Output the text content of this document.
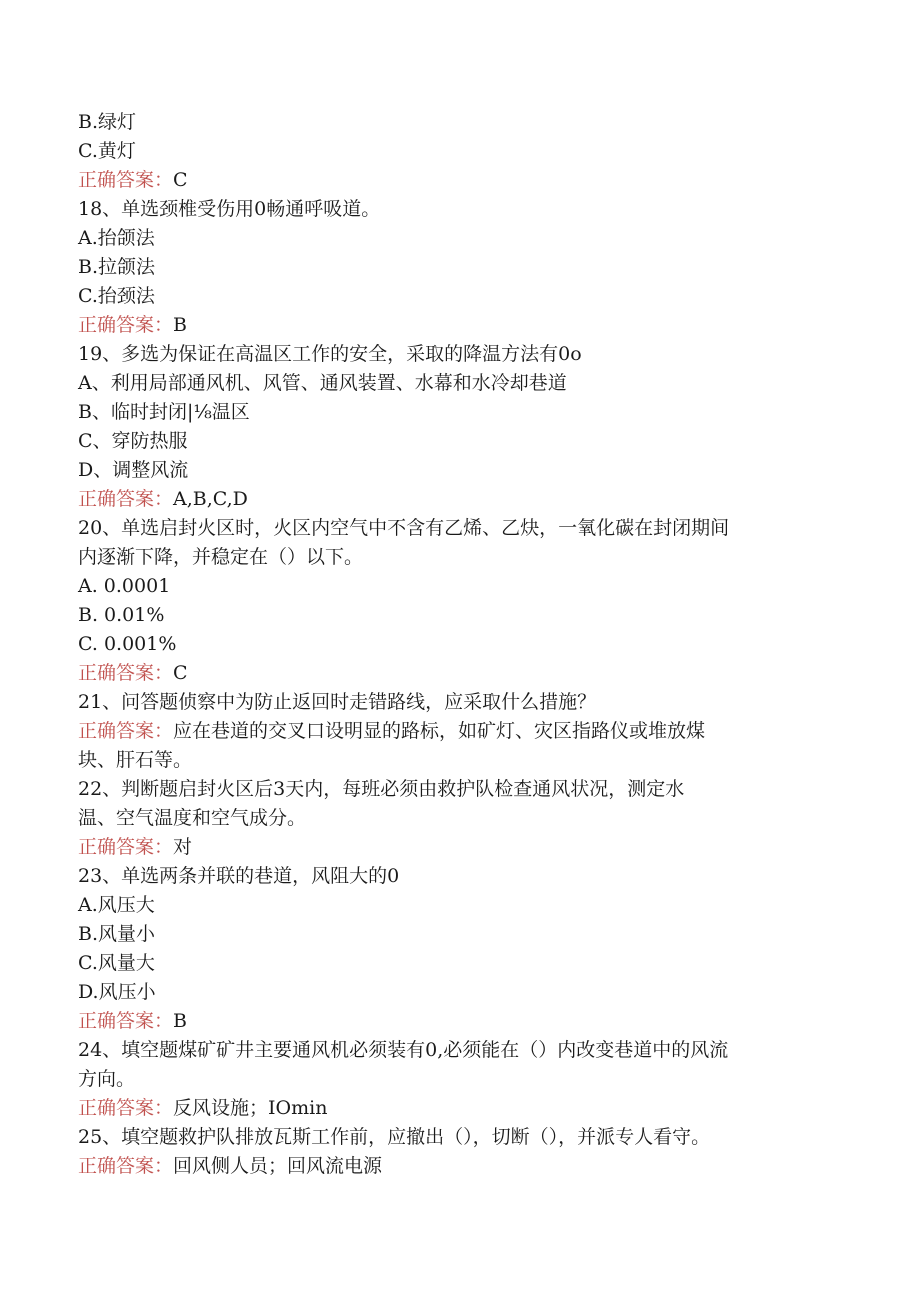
B.绿灯
C.黄灯
正确答案：C
18、单选颈椎受伤用0畅通呼吸道。
A.抬颌法
B.拉颌法
C.抬颈法
正确答案：B
19、多选为保证在高温区工作的安全，采取的降温方法有0o
A、利用局部通风机、风管、通风装置、水幕和水冷却巷道
B、临时封闭|⅛温区
C、穿防热服
D、调整风流
正确答案：A,B,C,D
20、单选启封火区时，火区内空气中不含有乙烯、乙炔，一氧化碳在封闭期间
内逐渐下降，并稳定在（）以下。
A. 0.0001
B. 0.01%
C. 0.001%
正确答案：C
21、问答题侦察中为防止返回时走错路线，应采取什么措施？
正确答案：应在巷道的交叉口设明显的路标，如矿灯、灾区指路仪或堆放煤
块、肝石等。
22、判断题启封火区后3天内，每班必须由救护队检查通风状况，测定水
温、空气温度和空气成分。
正确答案：对
23、单选两条并联的巷道，风阻大的0
A.风压大
B.风量小
C.风量大
D.风压小
正确答案：B
24、填空题煤矿矿井主要通风机必须装有0,必须能在（）内改变巷道中的风流
方向。
正确答案：反风设施；IOmin
25、填空题救护队排放瓦斯工作前，应撤出（），切断（），并派专人看守。
正确答案：回风侧人员；回风流电源
